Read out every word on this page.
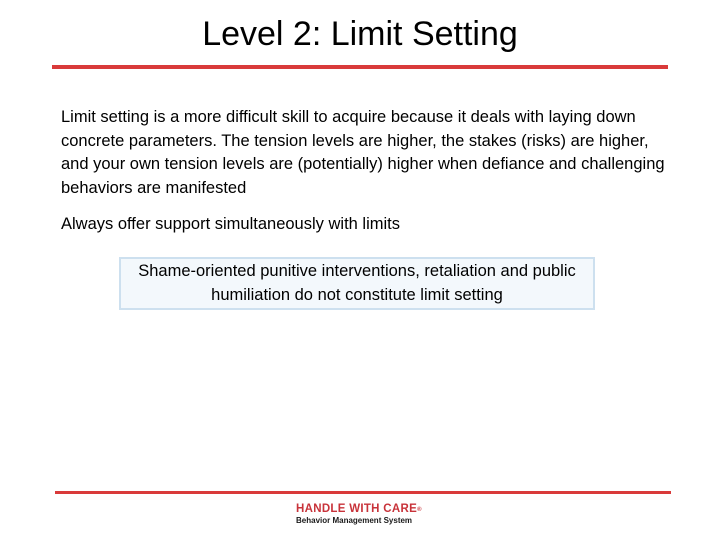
Level 2: Limit Setting

Limit setting is a more difficult skill to acquire because it deals with laying down concrete parameters. The tension levels are higher, the stakes (risks) are higher, and your own tension levels are (potentially) higher when defiance and challenging behaviors are manifested

Always offer support simultaneously with limits

Shame-oriented punitive interventions, retaliation and public humiliation do not constitute limit setting
HANDLE WITH CARE®
Behavior Management System
